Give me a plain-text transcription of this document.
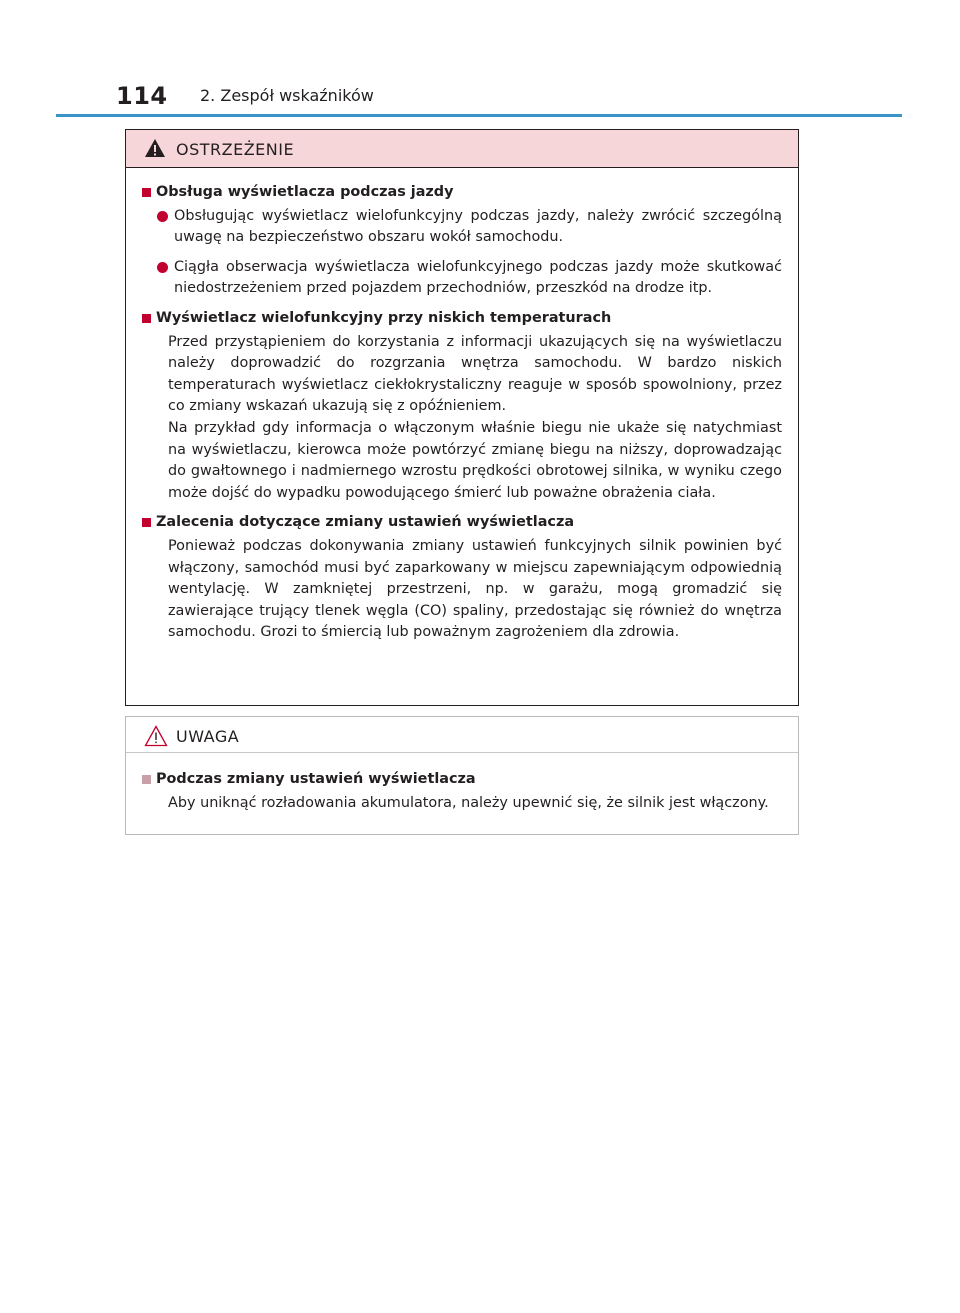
114 2. Zespół wskaźników
OSTRZEŻENIE
Obsługa wyświetlacza podczas jazdy
Obsługując wyświetlacz wielofunkcyjny podczas jazdy, należy zwrócić szczególną uwagę na bezpieczeństwo obszaru wokół samochodu.
Ciągła obserwacja wyświetlacza wielofunkcyjnego podczas jazdy może skutkować niedostrzeżeniem przed pojazdem przechodniów, przeszkód na drodze itp.
Wyświetlacz wielofunkcyjny przy niskich temperaturach
Przed przystąpieniem do korzystania z informacji ukazujących się na wyświetlaczu należy doprowadzić do rozgrzania wnętrza samochodu. W bardzo niskich temperaturach wyświetlacz ciekłokrystaliczny reaguje w sposób spowolniony, przez co zmiany wskazań ukazują się z opóźnieniem.
Na przykład gdy informacja o włączonym właśnie biegu nie ukaże się natychmiast na wyświetlaczu, kierowca może powtórzyć zmianę biegu na niższy, doprowadzając do gwałtownego i nadmiernego wzrostu prędkości obrotowej silnika, w wyniku czego może dojść do wypadku powodującego śmierć lub poważne obrażenia ciała.
Zalecenia dotyczące zmiany ustawień wyświetlacza
Ponieważ podczas dokonywania zmiany ustawień funkcyjnych silnik powinien być włączony, samochód musi być zaparkowany w miejscu zapewniającym odpowiednią wentylację. W zamkniętej przestrzeni, np. w garażu, mogą gromadzić się zawierające trujący tlenek węgla (CO) spaliny, przedostając się również do wnętrza samochodu. Grozi to śmiercią lub poważnym zagrożeniem dla zdrowia.
UWAGA
Podczas zmiany ustawień wyświetlacza
Aby uniknąć rozładowania akumulatora, należy upewnić się, że silnik jest włączony.
